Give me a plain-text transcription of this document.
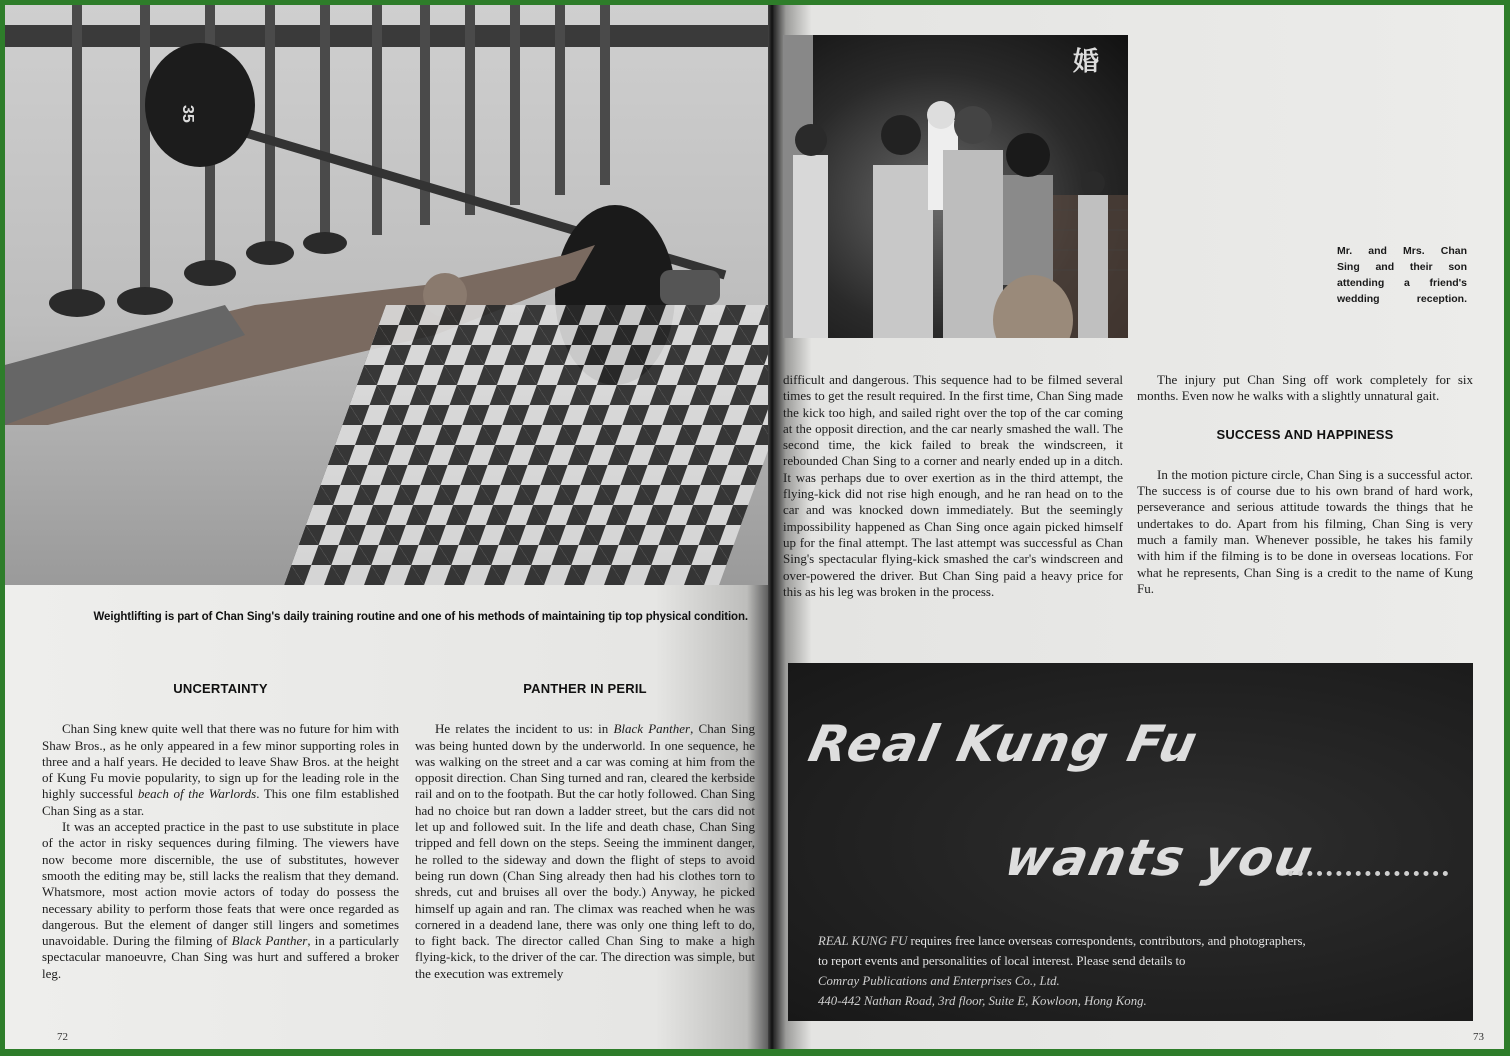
35
Weightlifting is part of Chan Sing's daily training routine and one of his methods of maintaining tip top physical condition.
UNCERTAINTY

Chan Sing knew quite well that there was no future for him with Shaw Bros., as he only appeared in a few minor supporting roles in three and a half years. He decided to leave Shaw Bros. at the height of Kung Fu movie popularity, to sign up for the leading role in the highly successful beach of the Warlords. This one film established Chan Sing as a star.

It was an accepted practice in the past to use substitute in place of the actor in risky sequences during filming. The viewers have now become more discernible, the use of substitutes, however smooth the editing may be, still lacks the realism that they demand. Whatsmore, most action movie actors of today do possess the necessary ability to perform those feats that were once regarded as dangerous. But the element of danger still lingers and sometimes unavoidable. During the filming of Black Panther, in a particularly spectacular manoeuvre, Chan Sing was hurt and suffered a broker leg.

PANTHER IN PERIL

He relates the incident to us: in Black Panther, Chan Sing was being hunted down by the underworld. In one sequence, he was walking on the street and a car was coming at him from the opposit direction. Chan Sing turned and ran, cleared the kerbside rail and on to the footpath. But the car hotly followed. Chan Sing had no choice but ran down a ladder street, but the cars did not let up and followed suit. In the life and death chase, Chan Sing tripped and fell down on the steps. Seeing the imminent danger, he rolled to the sideway and down the flight of steps to avoid being run down (Chan Sing already then had his clothes torn to shreds, cut and bruises all over the body.) Anyway, he picked himself up again and ran. The climax was reached when he was cornered in a deadend lane, there was only one thing left to do, to fight back. The director called Chan Sing to make a high flying-kick, to the driver of the car. The direction was simple, but the execution was extremely

72
婚
Mr. and Mrs. Chan
Sing and their son
attending a friend's
wedding reception.

difficult and dangerous. This sequence had to be filmed several times to get the result required. In the first time, Chan Sing made the kick too high, and sailed right over the top of the car coming at the opposit direction, and the car nearly smashed the wall. The second time, the kick failed to break the windscreen, it rebounded Chan Sing to a corner and nearly ended up in a ditch. It was perhaps due to over exertion as in the third attempt, the flying-kick did not rise high enough, and he ran head on to the car and was knocked down immediately. But the seemingly impossibility happened as Chan Sing once again picked himself up for the final attempt. The last attempt was successful as Chan Sing's spectacular flying-kick smashed the car's windscreen and over-powered the driver. But Chan Sing paid a heavy price for this as his leg was broken in the process.

The injury put Chan Sing off work completely for six months. Even now he walks with a slightly unnatural gait.

SUCCESS AND HAPPINESS

In the motion picture circle, Chan Sing is a successful actor. The success is of course due to his own brand of hard work, perseverance and serious attitude towards the things that he undertakes to do. Apart from his filming, Chan Sing is very much a family man. Whenever possible, he takes his family with him if the filming is to be done in overseas locations. For what he represents, Chan Sing is a credit to the name of Kung Fu.

Real Kung Fu
wants you
REAL KUNG FU requires free lance overseas correspondents, contributors, and photographers,
to report events and personalities of local interest. Please send details to
Comray Publications and Enterprises Co., Ltd.
440-442 Nathan Road, 3rd floor, Suite E, Kowloon, Hong Kong.
73
